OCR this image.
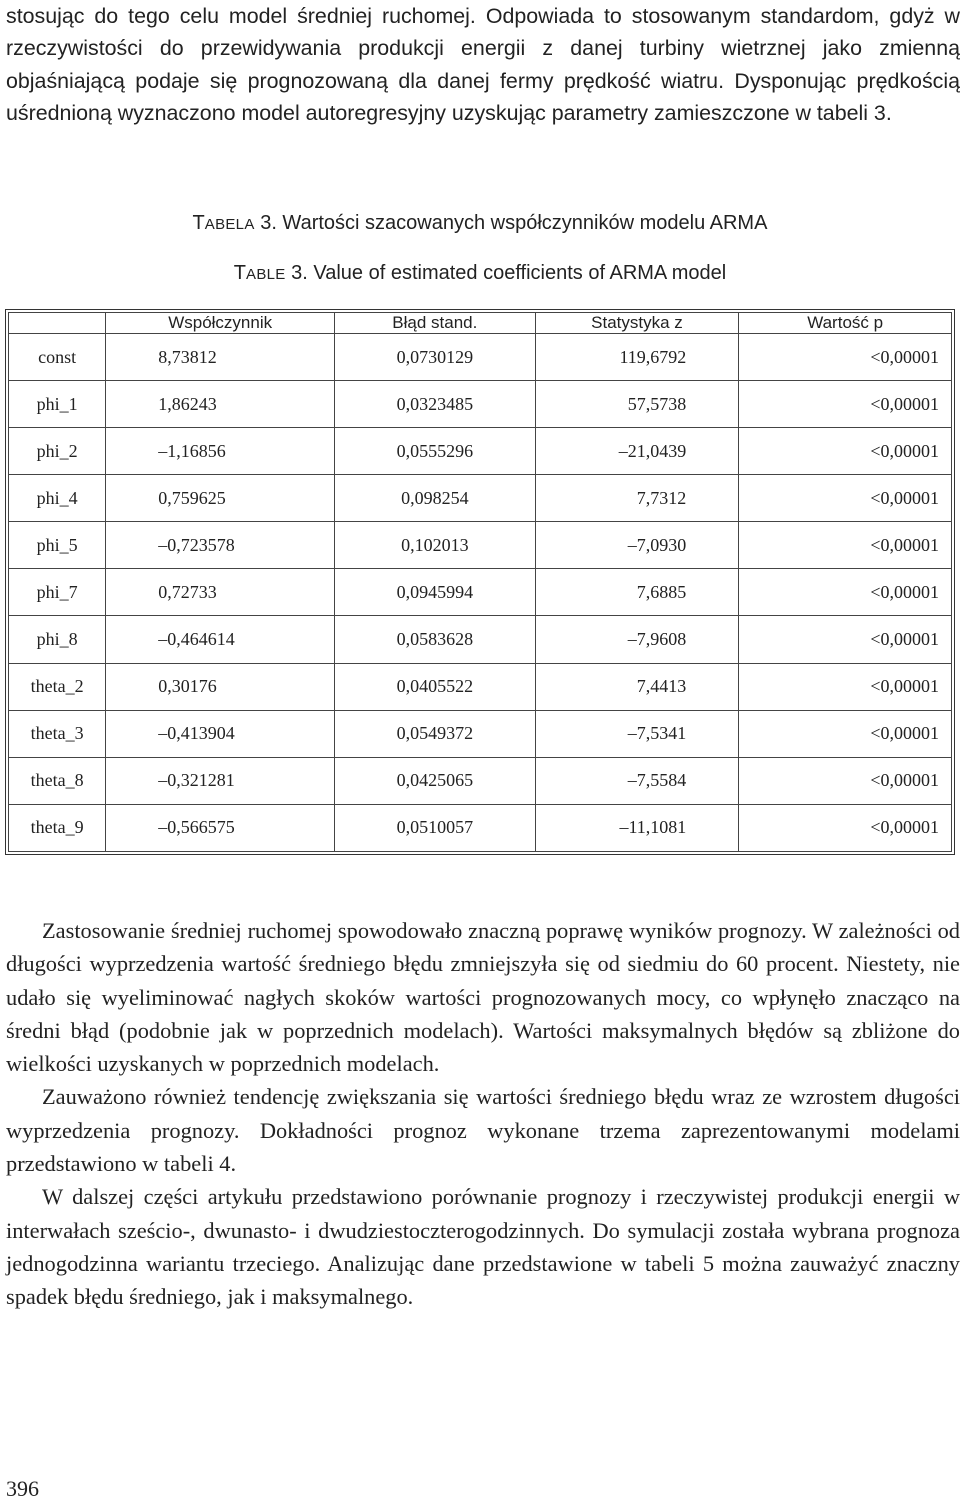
stosując do tego celu model średniej ruchomej. Odpowiada to stosowanym standardom, gdyż w rzeczywistości do przewidywania produkcji energii z danej turbiny wietrznej jako zmienną objaśniającą podaje się prognozowaną dla danej fermy prędkość wiatru. Dysponując prędkością uśrednioną wyznaczono model autoregresyjny uzyskując parametry zamieszczone w tabeli 3.

TABELA 3. Wartości szacowanych współczynników modelu ARMA
TABLE 3. Value of estimated coefficients of ARMA model
	Współczynnik	Błąd stand.	Statystyka z	Wartość p
const	8,73812	0,0730129	119,6792	<0,00001
phi_1	1,86243	0,0323485	57,5738	<0,00001
phi_2	–1,16856	0,0555296	–21,0439	<0,00001
phi_4	0,759625	0,098254	7,7312	<0,00001
phi_5	–0,723578	0,102013	–7,0930	<0,00001
phi_7	0,72733	0,0945994	7,6885	<0,00001
phi_8	–0,464614	0,0583628	–7,9608	<0,00001
theta_2	0,30176	0,0405522	7,4413	<0,00001
theta_3	–0,413904	0,0549372	–7,5341	<0,00001
theta_8	–0,321281	0,0425065	–7,5584	<0,00001
theta_9	–0,566575	0,0510057	–11,1081	<0,00001

Zastosowanie średniej ruchomej spowodowało znaczną poprawę wyników prognozy. W zależności od długości wyprzedzenia wartość średniego błędu zmniejszyła się od siedmiu do 60 procent. Niestety, nie udało się wyeliminować nagłych skoków wartości prognozowanych mocy, co wpłynęło znacząco na średni błąd (podobnie jak w poprzednich modelach). Wartości maksymalnych błędów są zbliżone do wielkości uzyskanych w poprzednich modelach.

Zauważono również tendencję zwiększania się wartości średniego błędu wraz ze wzrostem długości wyprzedzenia prognozy. Dokładności prognoz wykonane trzema zaprezentowanymi modelami przedstawiono w tabeli 4.

W dalszej części artykułu przedstawiono porównanie prognozy i rzeczywistej produkcji energii w interwałach sześcio-, dwunasto- i dwudziestoczterogodzinnych. Do symulacji została wybrana prognoza jednogodzinna wariantu trzeciego. Analizując dane przedstawione w tabeli 5 można zauważyć znaczny spadek błędu średniego, jak i maksymalnego.

396
